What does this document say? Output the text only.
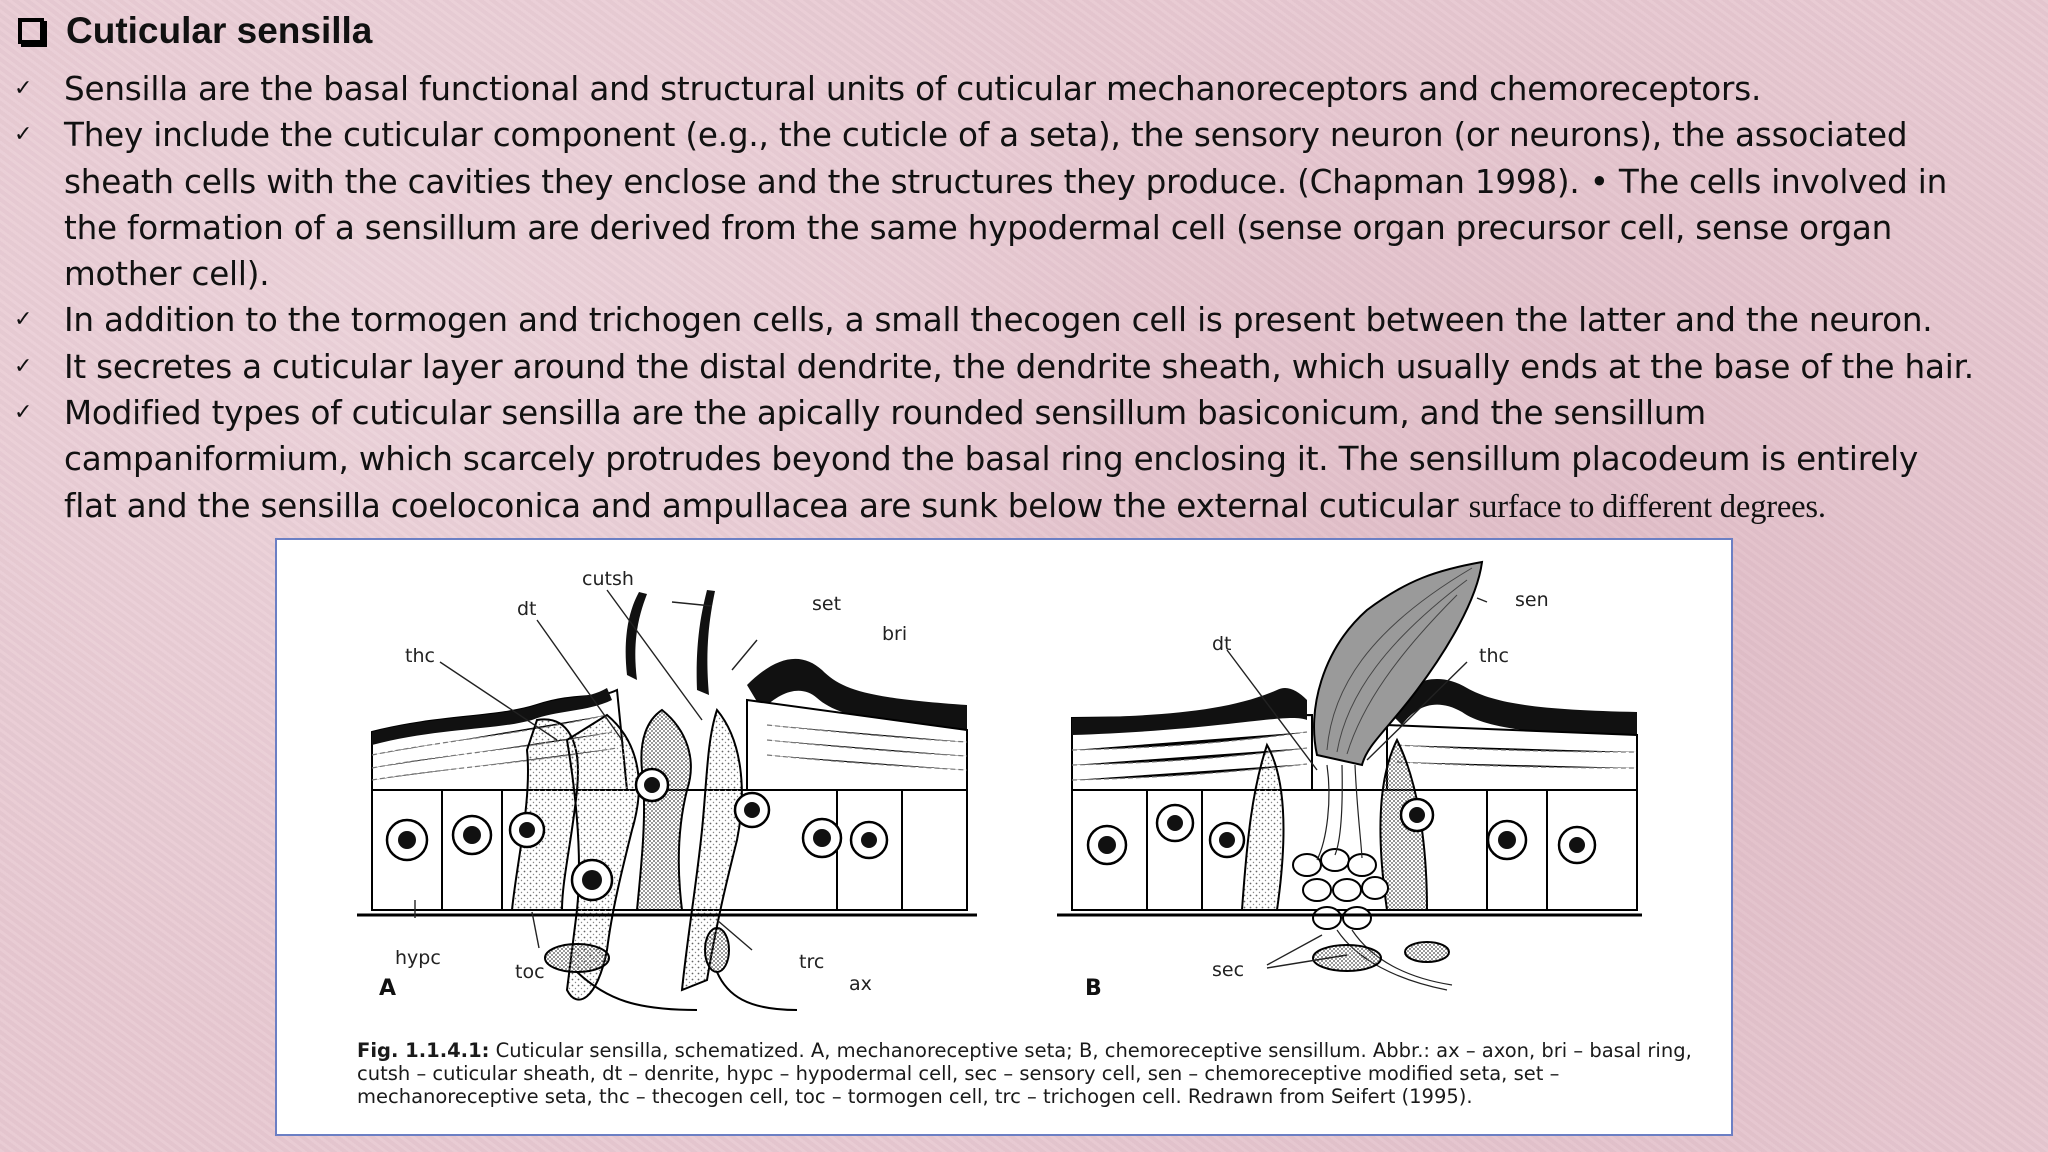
Cuticular sensilla
✓ Sensilla are the basal functional and structural units of cuticular mechanoreceptors and chemoreceptors.
✓ They include the cuticular component (e.g., the cuticle of a seta), the sensory neuron (or neurons), the associated sheath cells with the cavities they enclose and the structures they produce. (Chapman 1998). • The cells involved in the formation of a sensillum are derived from the same hypodermal cell (sense organ precursor cell, sense organ mother cell).
✓ In addition to the tormogen and trichogen cells, a small thecogen cell is present between the latter and the neuron.
✓ It secretes a cuticular layer around the distal dendrite, the dendrite sheath, which usually ends at the base of the hair.
✓ Modified types of cuticular sensilla are the apically rounded sensillum basiconicum, and the sensillum campaniformium, which scarcely protrudes beyond the basal ring enclosing it. The sensillum placodeum is entirely flat and the sensilla coeloconica and ampullacea are sunk below the external cuticular surface to different degrees.
cutsh
set
dt
bri
thc
hypc
toc	trc
ax
A
sen
dt
thc
sec
B
Fig. 1.1.4.1: Cuticular sensilla, schematized. A, mechanoreceptive seta; B, chemoreceptive sensillum. Abbr.: ax – axon, bri – basal ring, cutsh – cuticular sheath, dt – denrite, hypc – hypodermal cell, sec – sensory cell, sen – chemoreceptive modified seta, set – mechanoreceptive seta, thc – thecogen cell, toc – tormogen cell, trc – trichogen cell. Redrawn from Seifert (1995).
